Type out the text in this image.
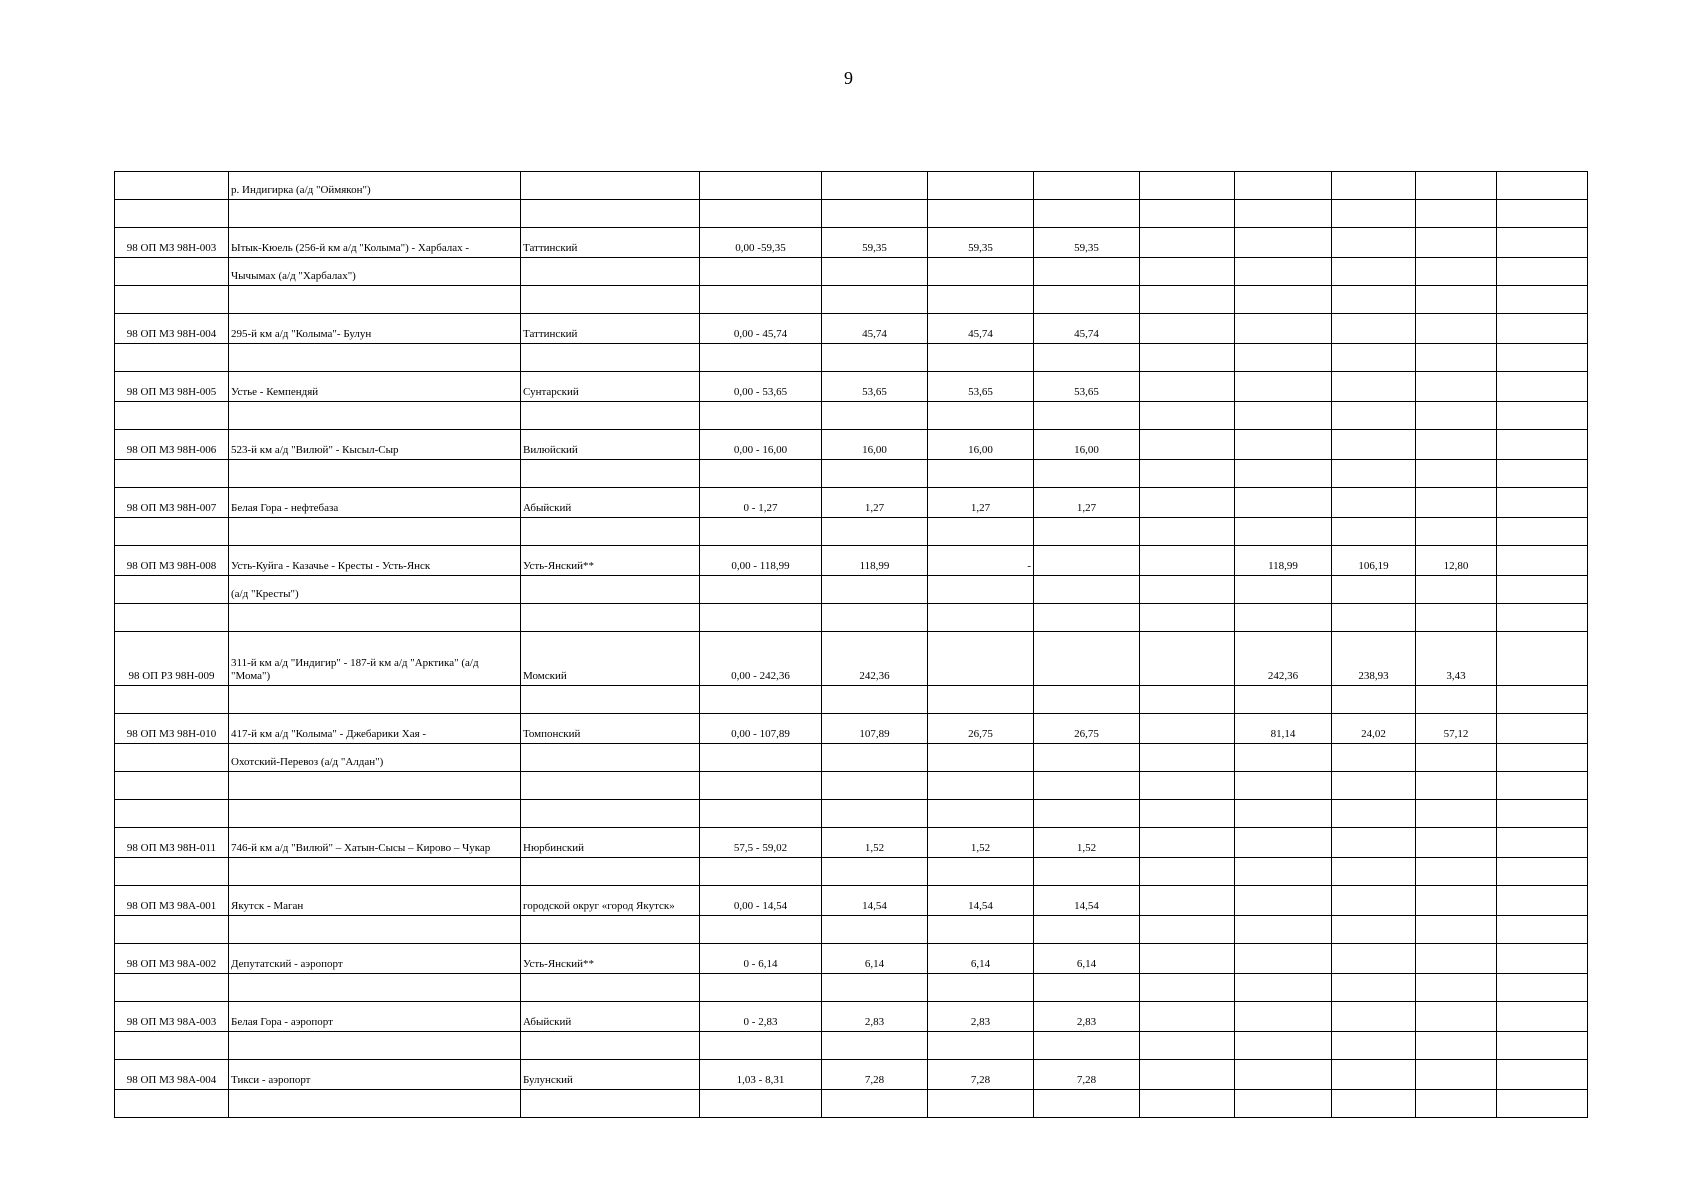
9
	р. Индигирка (а/д "Оймякон")										

98 ОП МЗ 98Н-003	Ытык-Кюель (256-й км а/д "Колыма") - Харбалах -	Таттинский	0,00 -59,35	59,35	59,35	59,35					
	Чычымах (а/д "Харбалах")										

98 ОП МЗ 98Н-004	295-й км а/д "Колыма"- Булун	Таттинский	0,00 - 45,74	45,74	45,74	45,74					

98 ОП МЗ 98Н-005	Устье - Кемпендяй	Сунтарский	0,00 - 53,65	53,65	53,65	53,65					

98 ОП МЗ 98Н-006	523-й км а/д "Вилюй" - Кысыл-Сыр	Вилюйский	0,00 - 16,00	16,00	16,00	16,00					

98 ОП МЗ 98Н-007	Белая Гора - нефтебаза	Абыйский	0 - 1,27	1,27	1,27	1,27					

98 ОП МЗ 98Н-008	Усть-Куйга - Казачье - Кресты - Усть-Янск	Усть-Янский**	0,00 - 118,99	118,99	-			118,99	106,19	12,80	
	(а/д "Кресты")										

98 ОП РЗ 98Н-009	311-й км а/д "Индигир" - 187-й км а/д "Арктика" (а/д "Мома")	Момский	0,00 - 242,36	242,36				242,36	238,93	3,43	

98 ОП МЗ 98Н-010	417-й км а/д "Колыма" - Джебарики Хая -	Томпонский	0,00 - 107,89	107,89	26,75	26,75		81,14	24,02	57,12	
	Охотский-Перевоз (а/д "Алдан")										

98 ОП МЗ 98Н-011	746-й км а/д "Вилюй" – Хатын-Сысы – Кирово – Чукар	Нюрбинский	57,5 - 59,02	1,52	1,52	1,52					

98 ОП МЗ 98А-001	Якутск - Маган	городской округ «город Якутск»	0,00 - 14,54	14,54	14,54	14,54					

98 ОП МЗ 98А-002	Депутатский - аэропорт	Усть-Янский**	0 - 6,14	6,14	6,14	6,14					

98 ОП МЗ 98А-003	Белая Гора - аэропорт	Абыйский	0 - 2,83	2,83	2,83	2,83					

98 ОП МЗ 98А-004	Тикси - аэропорт	Булунский	1,03 - 8,31	7,28	7,28	7,28					
